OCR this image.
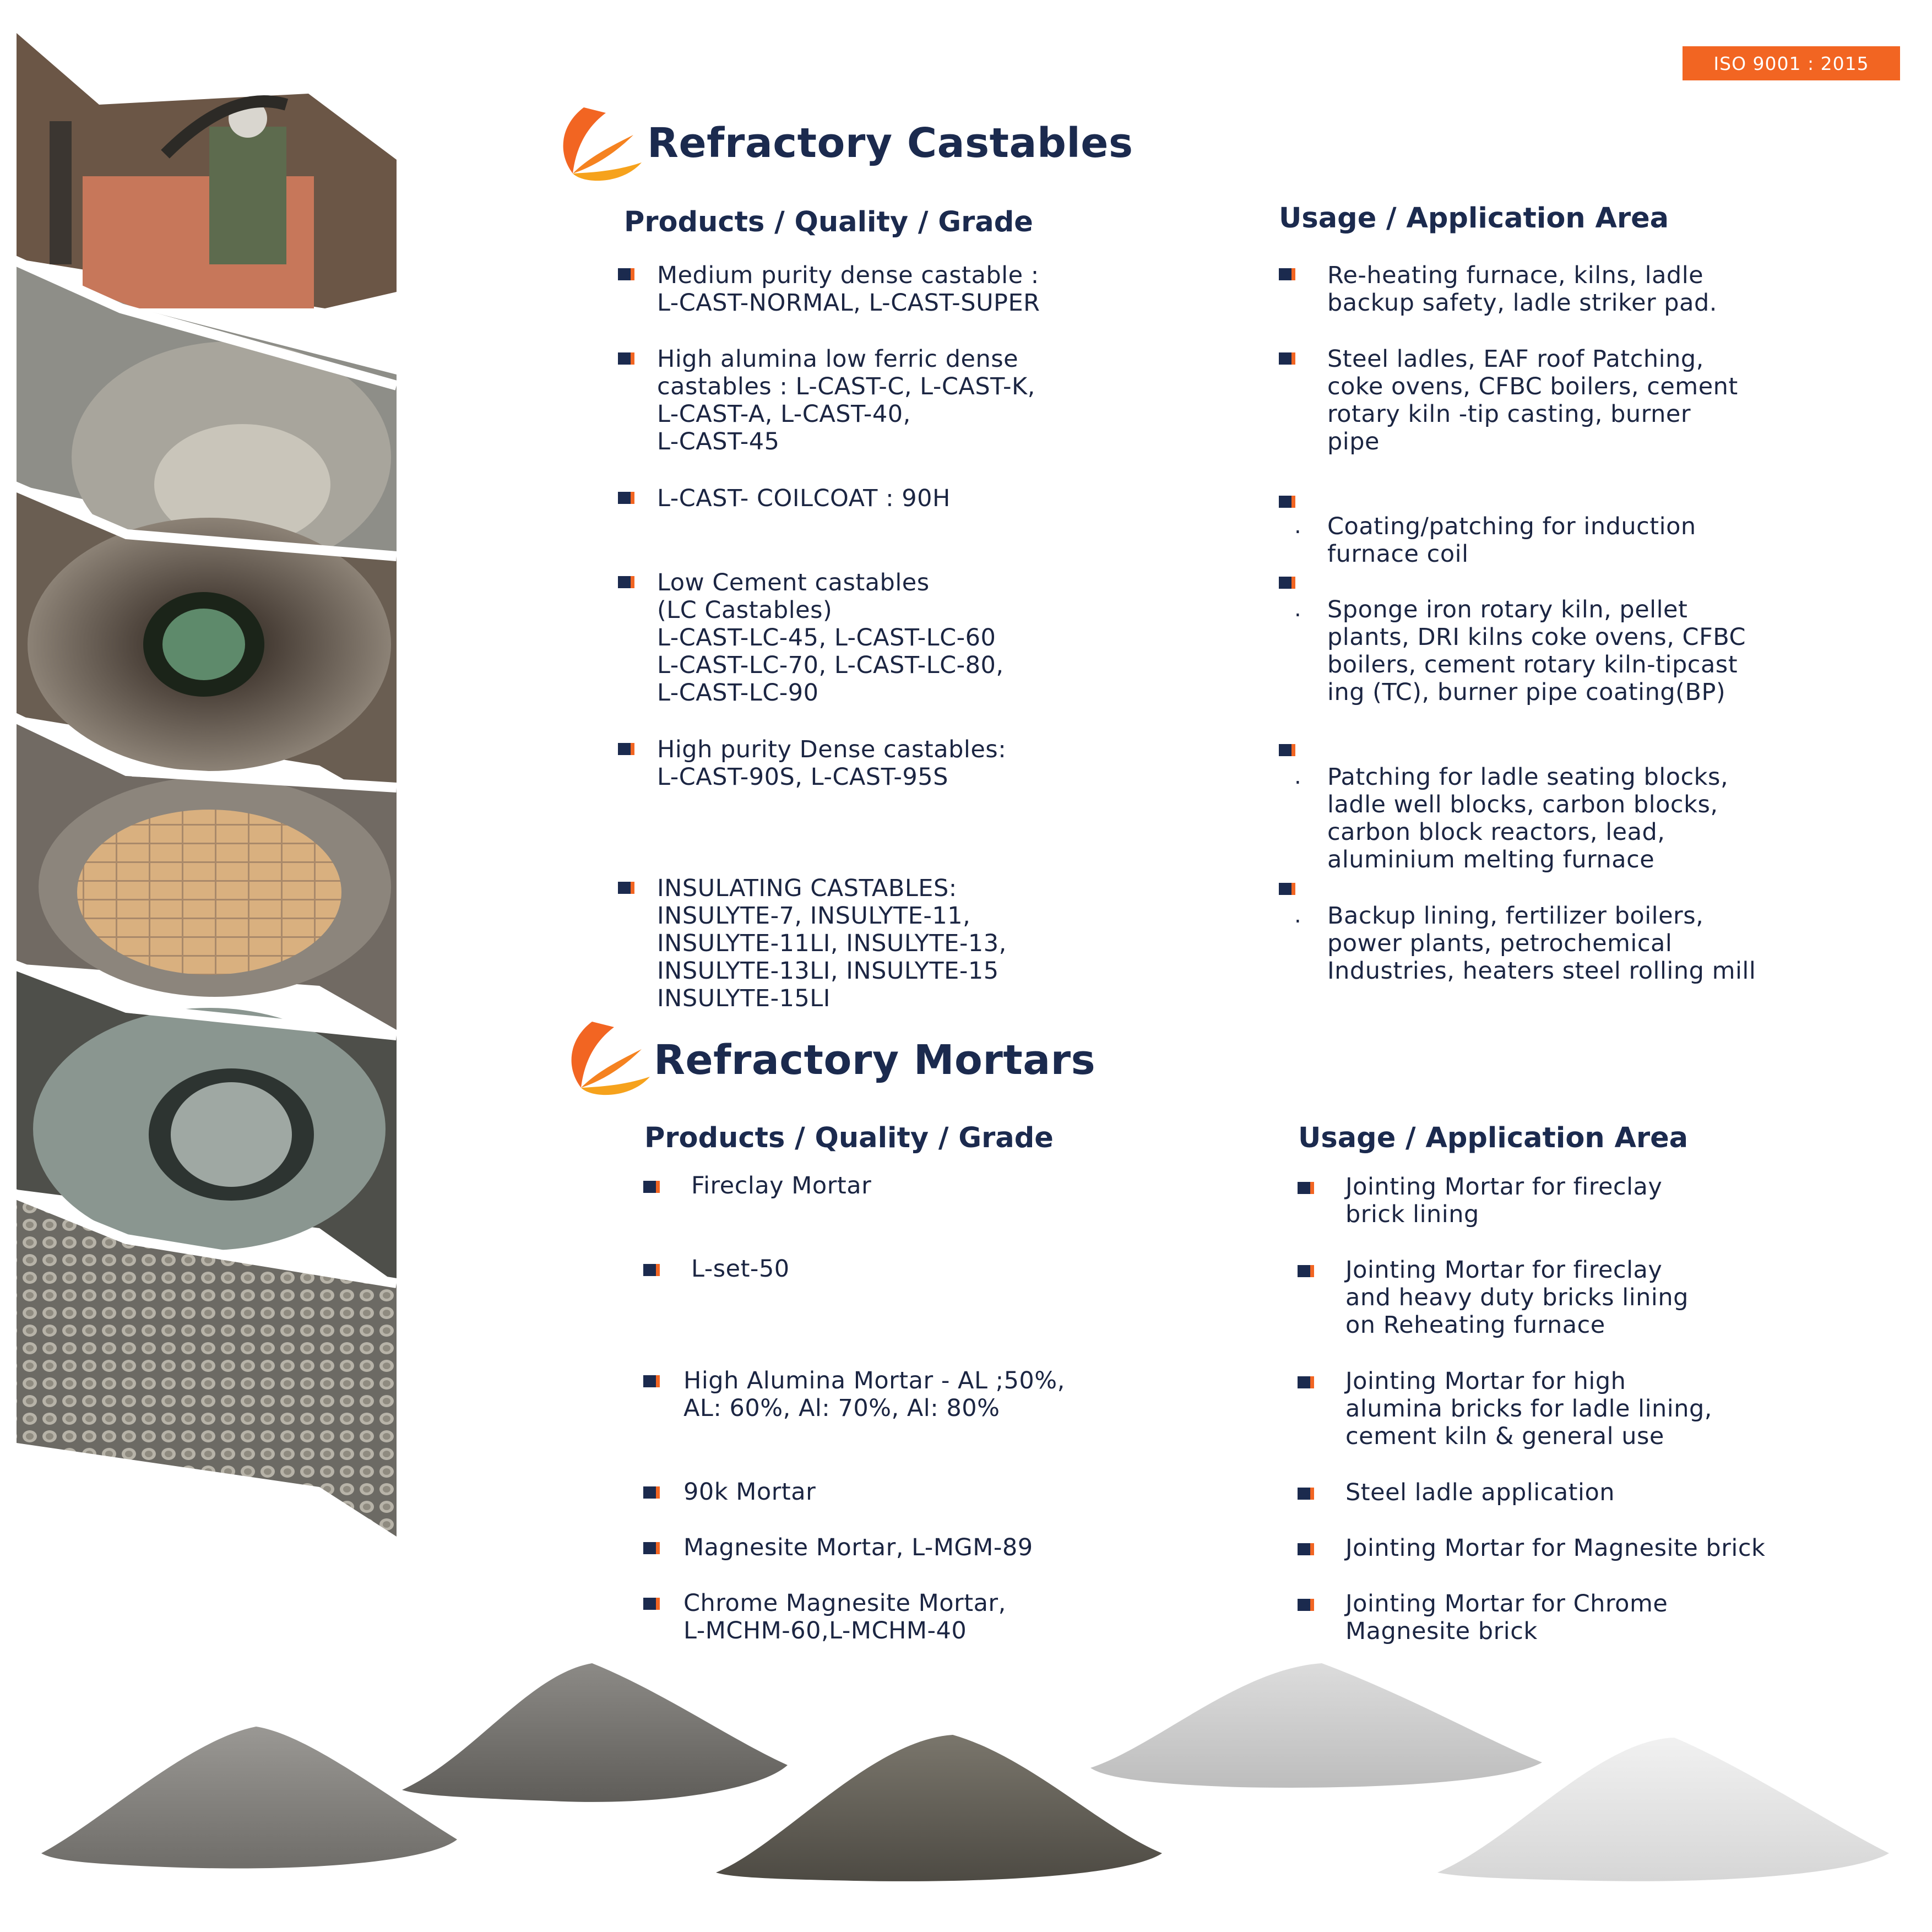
ISO 9001 : 2015
Refractory Castables
Products / Quality / Grade	Usage / Application Area
Medium purity dense castable :
L-CAST-NORMAL, L-CAST-SUPER
High alumina low ferric dense
castables : L-CAST-C, L-CAST-K,
L-CAST-A, L-CAST-40,
L-CAST-45
L-CAST- COILCOAT : 90H
Low Cement castables
(LC Castables)
L-CAST-LC-45, L-CAST-LC-60
L-CAST-LC-70, L-CAST-LC-80,
L-CAST-LC-90
High purity Dense castables:
L-CAST-90S, L-CAST-95S
INSULATING CASTABLES:
INSULYTE-7, INSULYTE-11,
INSULYTE-11LI, INSULYTE-13,
INSULYTE-13LI, INSULYTE-15
INSULYTE-15LI
Re-heating furnace, kilns, ladle
backup safety, ladle striker pad.
Steel ladles, EAF roof Patching,
coke ovens, CFBC boilers, cement
rotary kiln -tip casting, burner
pipe
. Coating/patching for induction
furnace coil
. Sponge iron rotary kiln, pellet
plants, DRI kilns coke ovens, CFBC
boilers, cement rotary kiln-tipcast
ing (TC), burner pipe coating(BP)
. Patching for ladle seating blocks,
ladle well blocks, carbon blocks,
carbon block reactors, lead,
aluminium melting furnace
. Backup lining, fertilizer boilers,
power plants, petrochemical
Industries, heaters steel rolling mill
Refractory Mortars
Products / Quality / Grade	Usage / Application Area
Fireclay Mortar
L-set-50
High Alumina Mortar - AL ;50%,
AL: 60%, Al: 70%, Al: 80%
90k Mortar
Magnesite Mortar, L-MGM-89
Chrome Magnesite Mortar,
L-MCHM-60,L-MCHM-40
Jointing Mortar for fireclay
brick lining
Jointing Mortar for fireclay
and heavy duty bricks lining
on Reheating furnace
Jointing Mortar for high
alumina bricks for ladle lining,
cement kiln & general use
Steel ladle application
Jointing Mortar for Magnesite brick
Jointing Mortar for Chrome
Magnesite brick
